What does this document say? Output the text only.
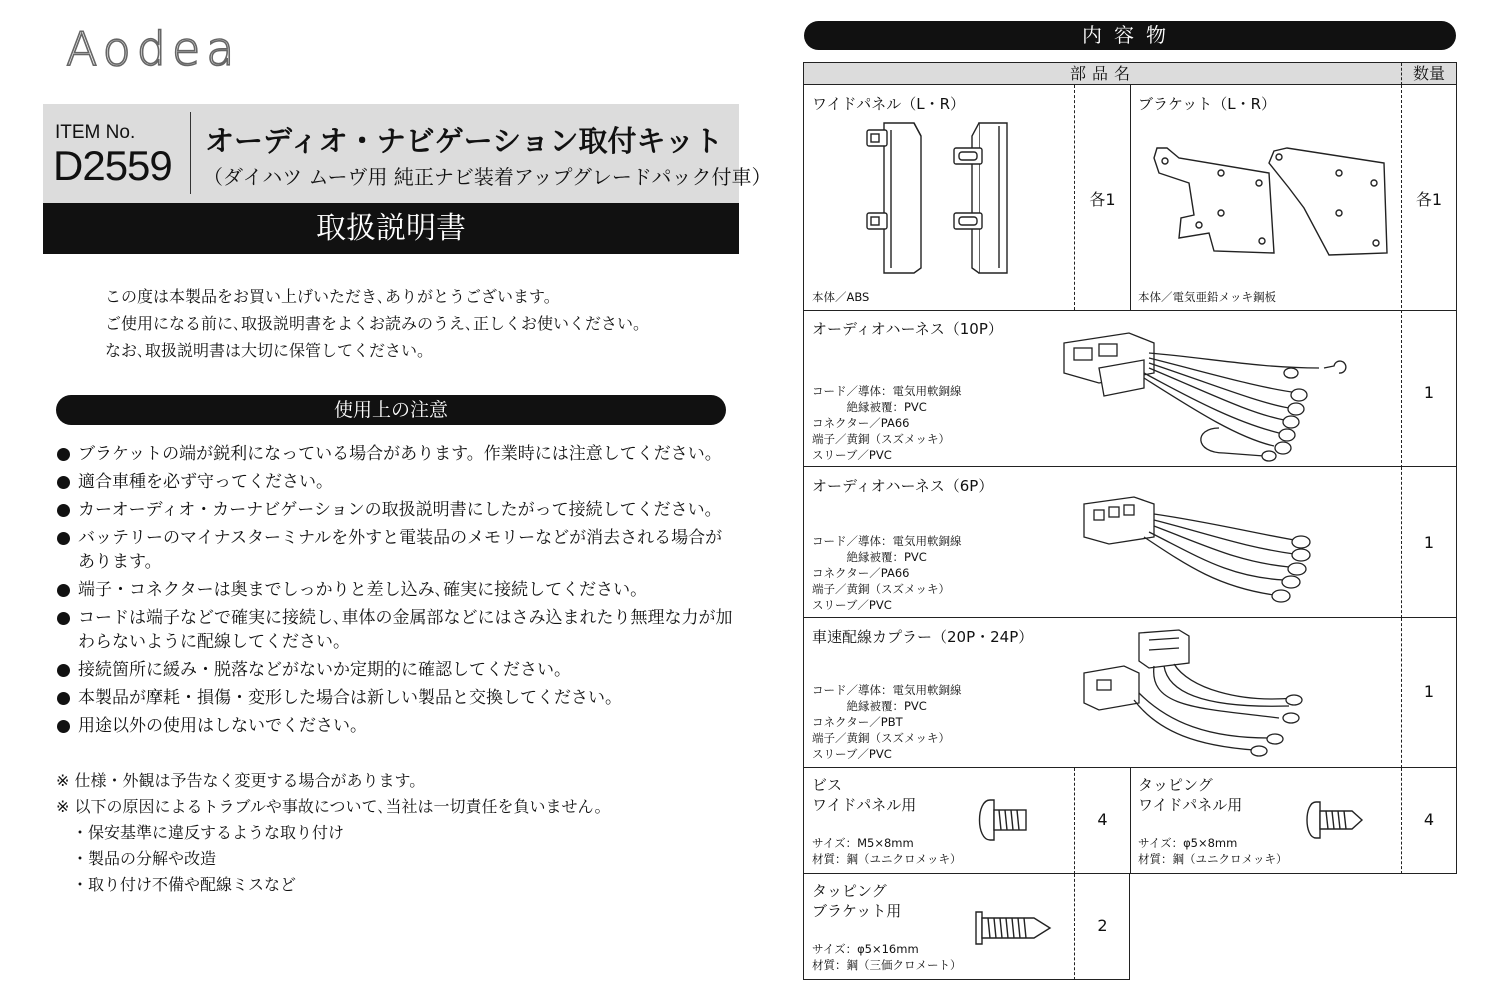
Aodea
ITEM No.
D2559
オーディオ・ナビゲーション取付キット
（ダイハツ ムーヴ用 純正ナビ装着アップグレードパック付車）
取扱説明書

この度は本製品をお買い上げいただき､ありがとうございます。

ご使用になる前に､取扱説明書をよくお読みのうえ､正しくお使いください。

なお､取扱説明書は大切に保管してください。

使用上の注意
ブラケットの端が鋭利になっている場合があります。作業時には注意してください。
適合車種を必ず守ってください。
カーオーディオ・カーナビゲーションの取扱説明書にしたがって接続してください。
バッテリーのマイナスターミナルを外すと電装品のメモリーなどが消去される場合があります。
端子・コネクターは奥までしっかりと差し込み､確実に接続してください。
コードは端子などで確実に接続し､車体の金属部などにはさみ込まれたり無理な力が加わらないように配線してください。
接続箇所に緩み・脱落などがないか定期的に確認してください。
本製品が摩耗・損傷・変形した場合は新しい製品と交換してください。
用途以外の使用はしないでください。
※ 仕様・外観は予告なく変更する場合があります。
※ 以下の原因によるトラブルや事故について､当社は一切責任を負いません。
・保安基準に違反するような取り付け
・製品の分解や改造
・取り付け不備や配線ミスなど
内容物
部品名	数量
ワイドパネル（L・R）
本体／ABS
各1
ブラケット（L・R）
本体／電気亜鉛メッキ鋼板
各1
オーディオハーネス（10P）
コード／導体：電気用軟銅線
　　　絶縁被覆：PVC
コネクター／PA66
端子／黄銅（スズメッキ）
スリーブ／PVC
1
オーディオハーネス（6P）
コード／導体：電気用軟銅線
　　　絶縁被覆：PVC
コネクター／PA66
端子／黄銅（スズメッキ）
スリーブ／PVC
1
車速配線カプラー（20P・24P）
コード／導体：電気用軟銅線
　　　絶縁被覆：PVC
コネクター／PBT
端子／黄銅（スズメッキ）
スリーブ／PVC
1
ビス
ワイドパネル用
サイズ：M5×8mm
材質：鋼（ユニクロメッキ）
4
タッピング
ワイドパネル用
サイズ：φ5×8mm
材質：鋼（ユニクロメッキ）
4
タッピング
ブラケット用
サイズ：φ5×16mm
材質：鋼（三価クロメート）
2
